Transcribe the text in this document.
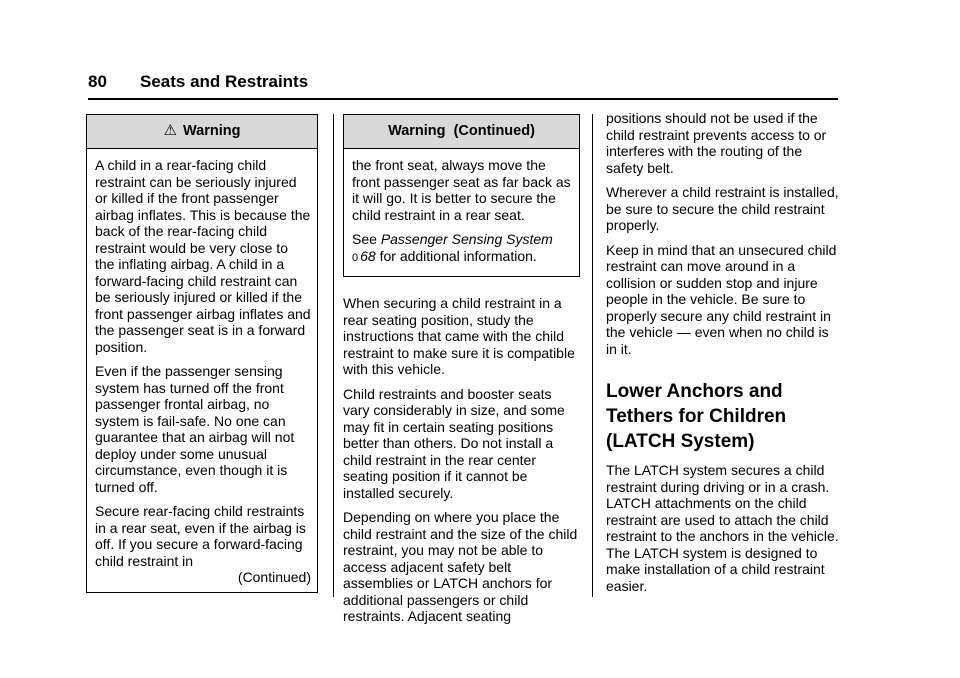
80 Seats and Restraints
⚠ Warning

A child in a rear-facing child restraint can be seriously injured or killed if the front passenger airbag inflates. This is because the back of the rear-facing child restraint would be very close to the inflating airbag. A child in a forward-facing child restraint can be seriously injured or killed if the front passenger airbag inflates and the passenger seat is in a forward position.

Even if the passenger sensing system has turned off the front passenger frontal airbag, no system is fail-safe. No one can guarantee that an airbag will not deploy under some unusual circumstance, even though it is turned off.

Secure rear-facing child restraints in a rear seat, even if the airbag is off. If you secure a forward-facing child restraint in

(Continued)

Warning  (Continued)

the front seat, always move the front passenger seat as far back as it will go. It is better to secure the child restraint in a rear seat.

See Passenger Sensing System
0 68 for additional information.

When securing a child restraint in a rear seating position, study the instructions that came with the child restraint to make sure it is compatible with this vehicle.

Child restraints and booster seats vary considerably in size, and some may fit in certain seating positions better than others. Do not install a child restraint in the rear center seating position if it cannot be installed securely.

Depending on where you place the child restraint and the size of the child restraint, you may not be able to access adjacent safety belt assemblies or LATCH anchors for additional passengers or child restraints. Adjacent seating

positions should not be used if the child restraint prevents access to or interferes with the routing of the safety belt.

Wherever a child restraint is installed, be sure to secure the child restraint properly.

Keep in mind that an unsecured child restraint can move around in a collision or sudden stop and injure people in the vehicle. Be sure to properly secure any child restraint in the vehicle — even when no child is in it.

Lower Anchors and Tethers for Children (LATCH System)

The LATCH system secures a child restraint during driving or in a crash. LATCH attachments on the child restraint are used to attach the child restraint to the anchors in the vehicle. The LATCH system is designed to make installation of a child restraint easier.
